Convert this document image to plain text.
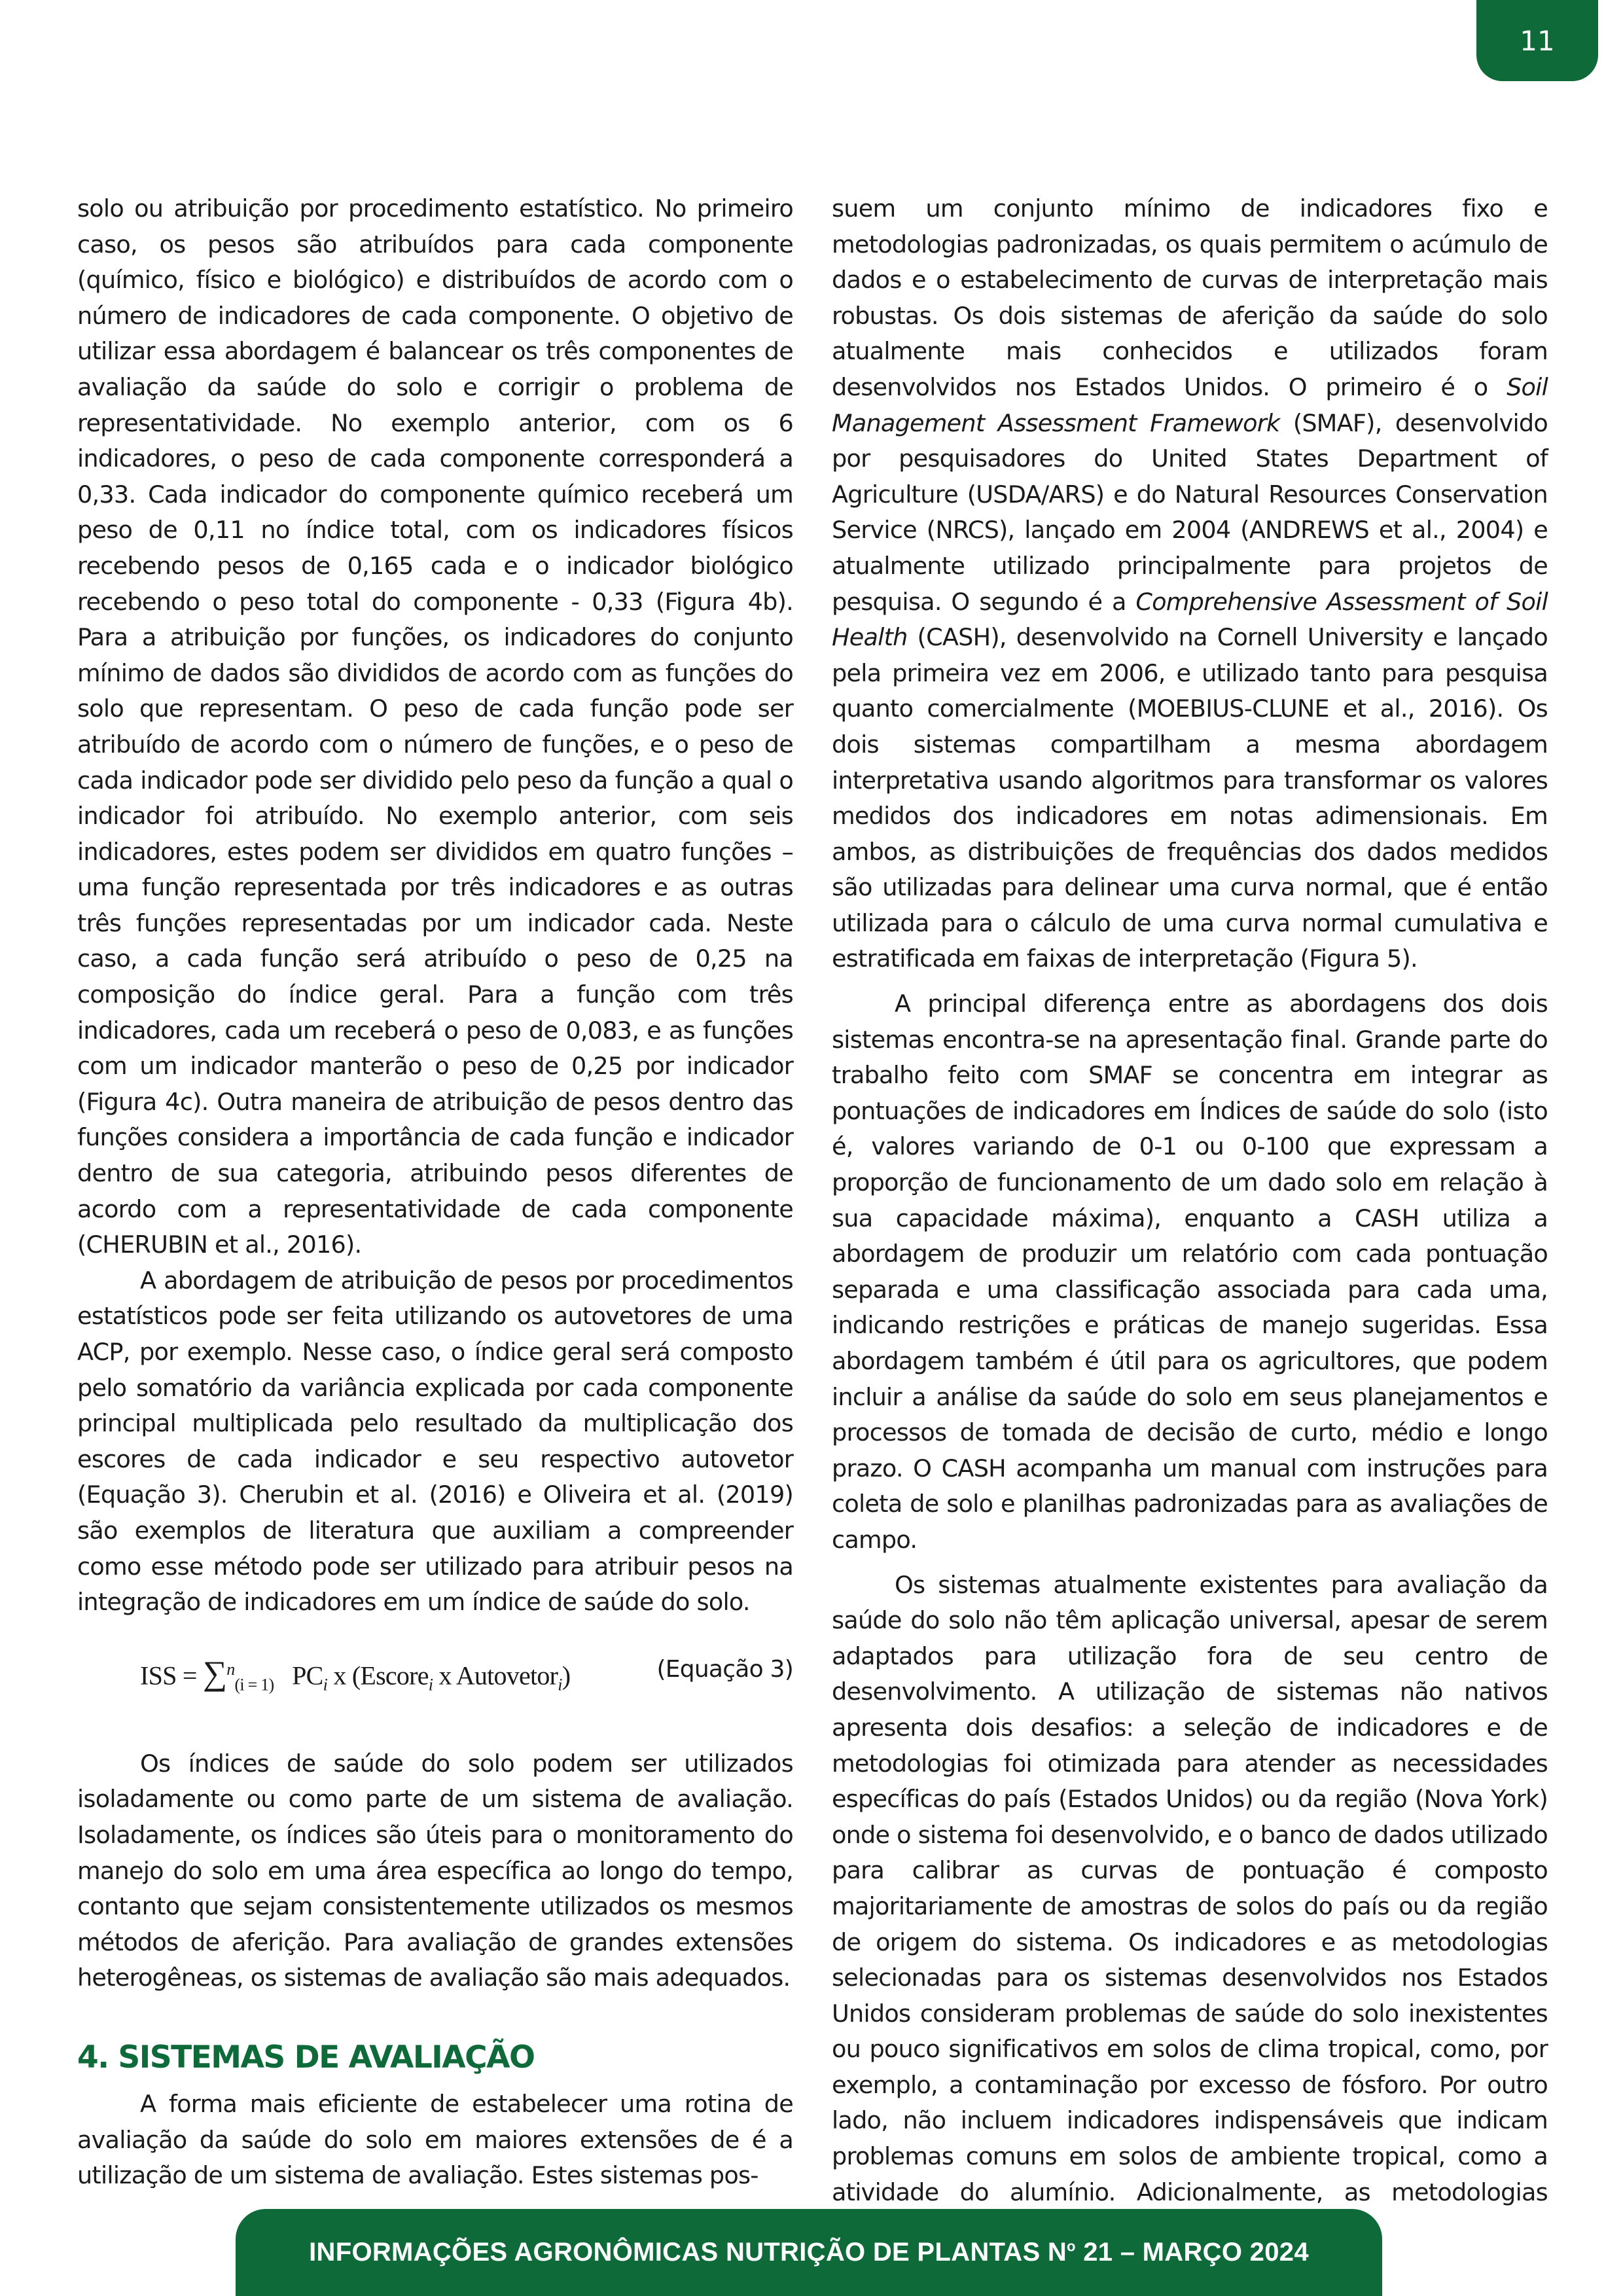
11

solo ou atribuição por procedimento estatístico. No primeiro caso, os pesos são atribuídos para cada componente (químico, físico e biológico) e distribuídos de acordo com o número de indicadores de cada componente. O objetivo de utilizar essa abordagem é balancear os três componentes de avaliação da saúde do solo e corrigir o problema de representatividade. No exemplo anterior, com os 6 indicadores, o peso de cada componente corresponderá a 0,33. Cada indicador do componente químico receberá um peso de 0,11 no índice total, com os indicadores físicos recebendo pesos de 0,165 cada e o indicador biológico recebendo o peso total do componente - 0,33 (Figura 4b). Para a atribuição por funções, os indicadores do conjunto mínimo de dados são divididos de acordo com as funções do solo que representam. O peso de cada função pode ser atribuído de acordo com o número de funções, e o peso de cada indicador pode ser dividido pelo peso da função a qual o indicador foi atribuído. No exemplo anterior, com seis indicadores, estes podem ser divididos em quatro funções – uma função representada por três indicadores e as outras três funções representadas por um indicador cada. Neste caso, a cada função será atribuído o peso de 0,25 na composição do índice geral. Para a função com três indicadores, cada um receberá o peso de 0,083, e as funções com um indicador manterão o peso de 0,25 por indicador (Figura 4c). Outra maneira de atribuição de pesos dentro das funções considera a importância de cada função e indicador dentro de sua categoria, atribuindo pesos diferentes de acordo com a representatividade de cada componente (CHERUBIN et al., 2016).

A abordagem de atribuição de pesos por procedimentos estatísticos pode ser feita utilizando os autovetores de uma ACP, por exemplo. Nesse caso, o índice geral será composto pelo somatório da variância explicada por cada componente principal multiplicada pelo resultado da multiplicação dos escores de cada indicador e seu respectivo autovetor (Equação 3). Cherubin et al. (2016) e Oliveira et al. (2019) são exemplos de literatura que auxiliam a compreender como esse método pode ser utilizado para atribuir pesos na integração de indicadores em um índice de saúde do solo.

ISS = ∑$^n_{(i = 1)}$ $PC_i$ x (Escore$_i$ x Autovetor$_i$)	(Equação 3)

Os índices de saúde do solo podem ser utilizados isoladamente ou como parte de um sistema de avaliação. Isoladamente, os índices são úteis para o monitoramento do manejo do solo em uma área específica ao longo do tempo, contanto que sejam consistentemente utilizados os mesmos métodos de aferição. Para avaliação de grandes extensões heterogêneas, os sistemas de avaliação são mais adequados.

4. SISTEMAS DE AVALIAÇÃO

A forma mais eficiente de estabelecer uma rotina de avaliação da saúde do solo em maiores extensões de é a utilização de um sistema de avaliação. Estes sistemas pos-

suem um conjunto mínimo de indicadores fixo e metodologias padronizadas, os quais permitem o acúmulo de dados e o estabelecimento de curvas de interpretação mais robustas. Os dois sistemas de aferição da saúde do solo atualmente mais conhecidos e utilizados foram desenvolvidos nos Estados Unidos. O primeiro é o Soil Management Assessment Framework (SMAF), desenvolvido por pesquisadores do United States Department of Agriculture (USDA/ARS) e do Natural Resources Conservation Service (NRCS), lançado em 2004 (ANDREWS et al., 2004) e atualmente utilizado principalmente para projetos de pesquisa. O segundo é a Comprehensive Assessment of Soil Health (CASH), desenvolvido na Cornell University e lançado pela primeira vez em 2006, e utilizado tanto para pesquisa quanto comercialmente (MOEBIUS-CLUNE et al., 2016). Os dois sistemas compartilham a mesma abordagem interpretativa usando algoritmos para transformar os valores medidos dos indicadores em notas adimensionais. Em ambos, as distribuições de frequências dos dados medidos são utilizadas para delinear uma curva normal, que é então utilizada para o cálculo de uma curva normal cumulativa e estratificada em faixas de interpretação (Figura 5).

A principal diferença entre as abordagens dos dois sistemas encontra-se na apresentação final. Grande parte do trabalho feito com SMAF se concentra em integrar as pontuações de indicadores em Índices de saúde do solo (isto é, valores variando de 0-1 ou 0-100 que expressam a proporção de funcionamento de um dado solo em relação à sua capacidade máxima), enquanto a CASH utiliza a abordagem de produzir um relatório com cada pontuação separada e uma classificação associada para cada uma, indicando restrições e práticas de manejo sugeridas. Essa abordagem também é útil para os agricultores, que podem incluir a análise da saúde do solo em seus planejamentos e processos de tomada de decisão de curto, médio e longo prazo. O CASH acompanha um manual com instruções para coleta de solo e planilhas padronizadas para as avaliações de campo.

Os sistemas atualmente existentes para avaliação da saúde do solo não têm aplicação universal, apesar de serem adaptados para utilização fora de seu centro de desenvolvimento. A utilização de sistemas não nativos apresenta dois desafios: a seleção de indicadores e de metodologias foi otimizada para atender as necessidades específicas do país (Estados Unidos) ou da região (Nova York) onde o sistema foi desenvolvido, e o banco de dados utilizado para calibrar as curvas de pontuação é composto majoritariamente de amostras de solos do país ou da região de origem do sistema. Os indicadores e as metodologias selecionadas para os sistemas desenvolvidos nos Estados Unidos consideram problemas de saúde do solo inexistentes ou pouco significativos em solos de clima tropical, como, por exemplo, a contaminação por excesso de fósforo. Por outro lado, não incluem indicadores indispensáveis que indicam problemas comuns em solos de ambiente tropical, como a atividade do alumínio. Adicionalmente, as metodologias

INFORMAÇÕES AGRONÔMICAS NUTRIÇÃO DE PLANTAS $N^o$ 21 – MARÇO 2024
